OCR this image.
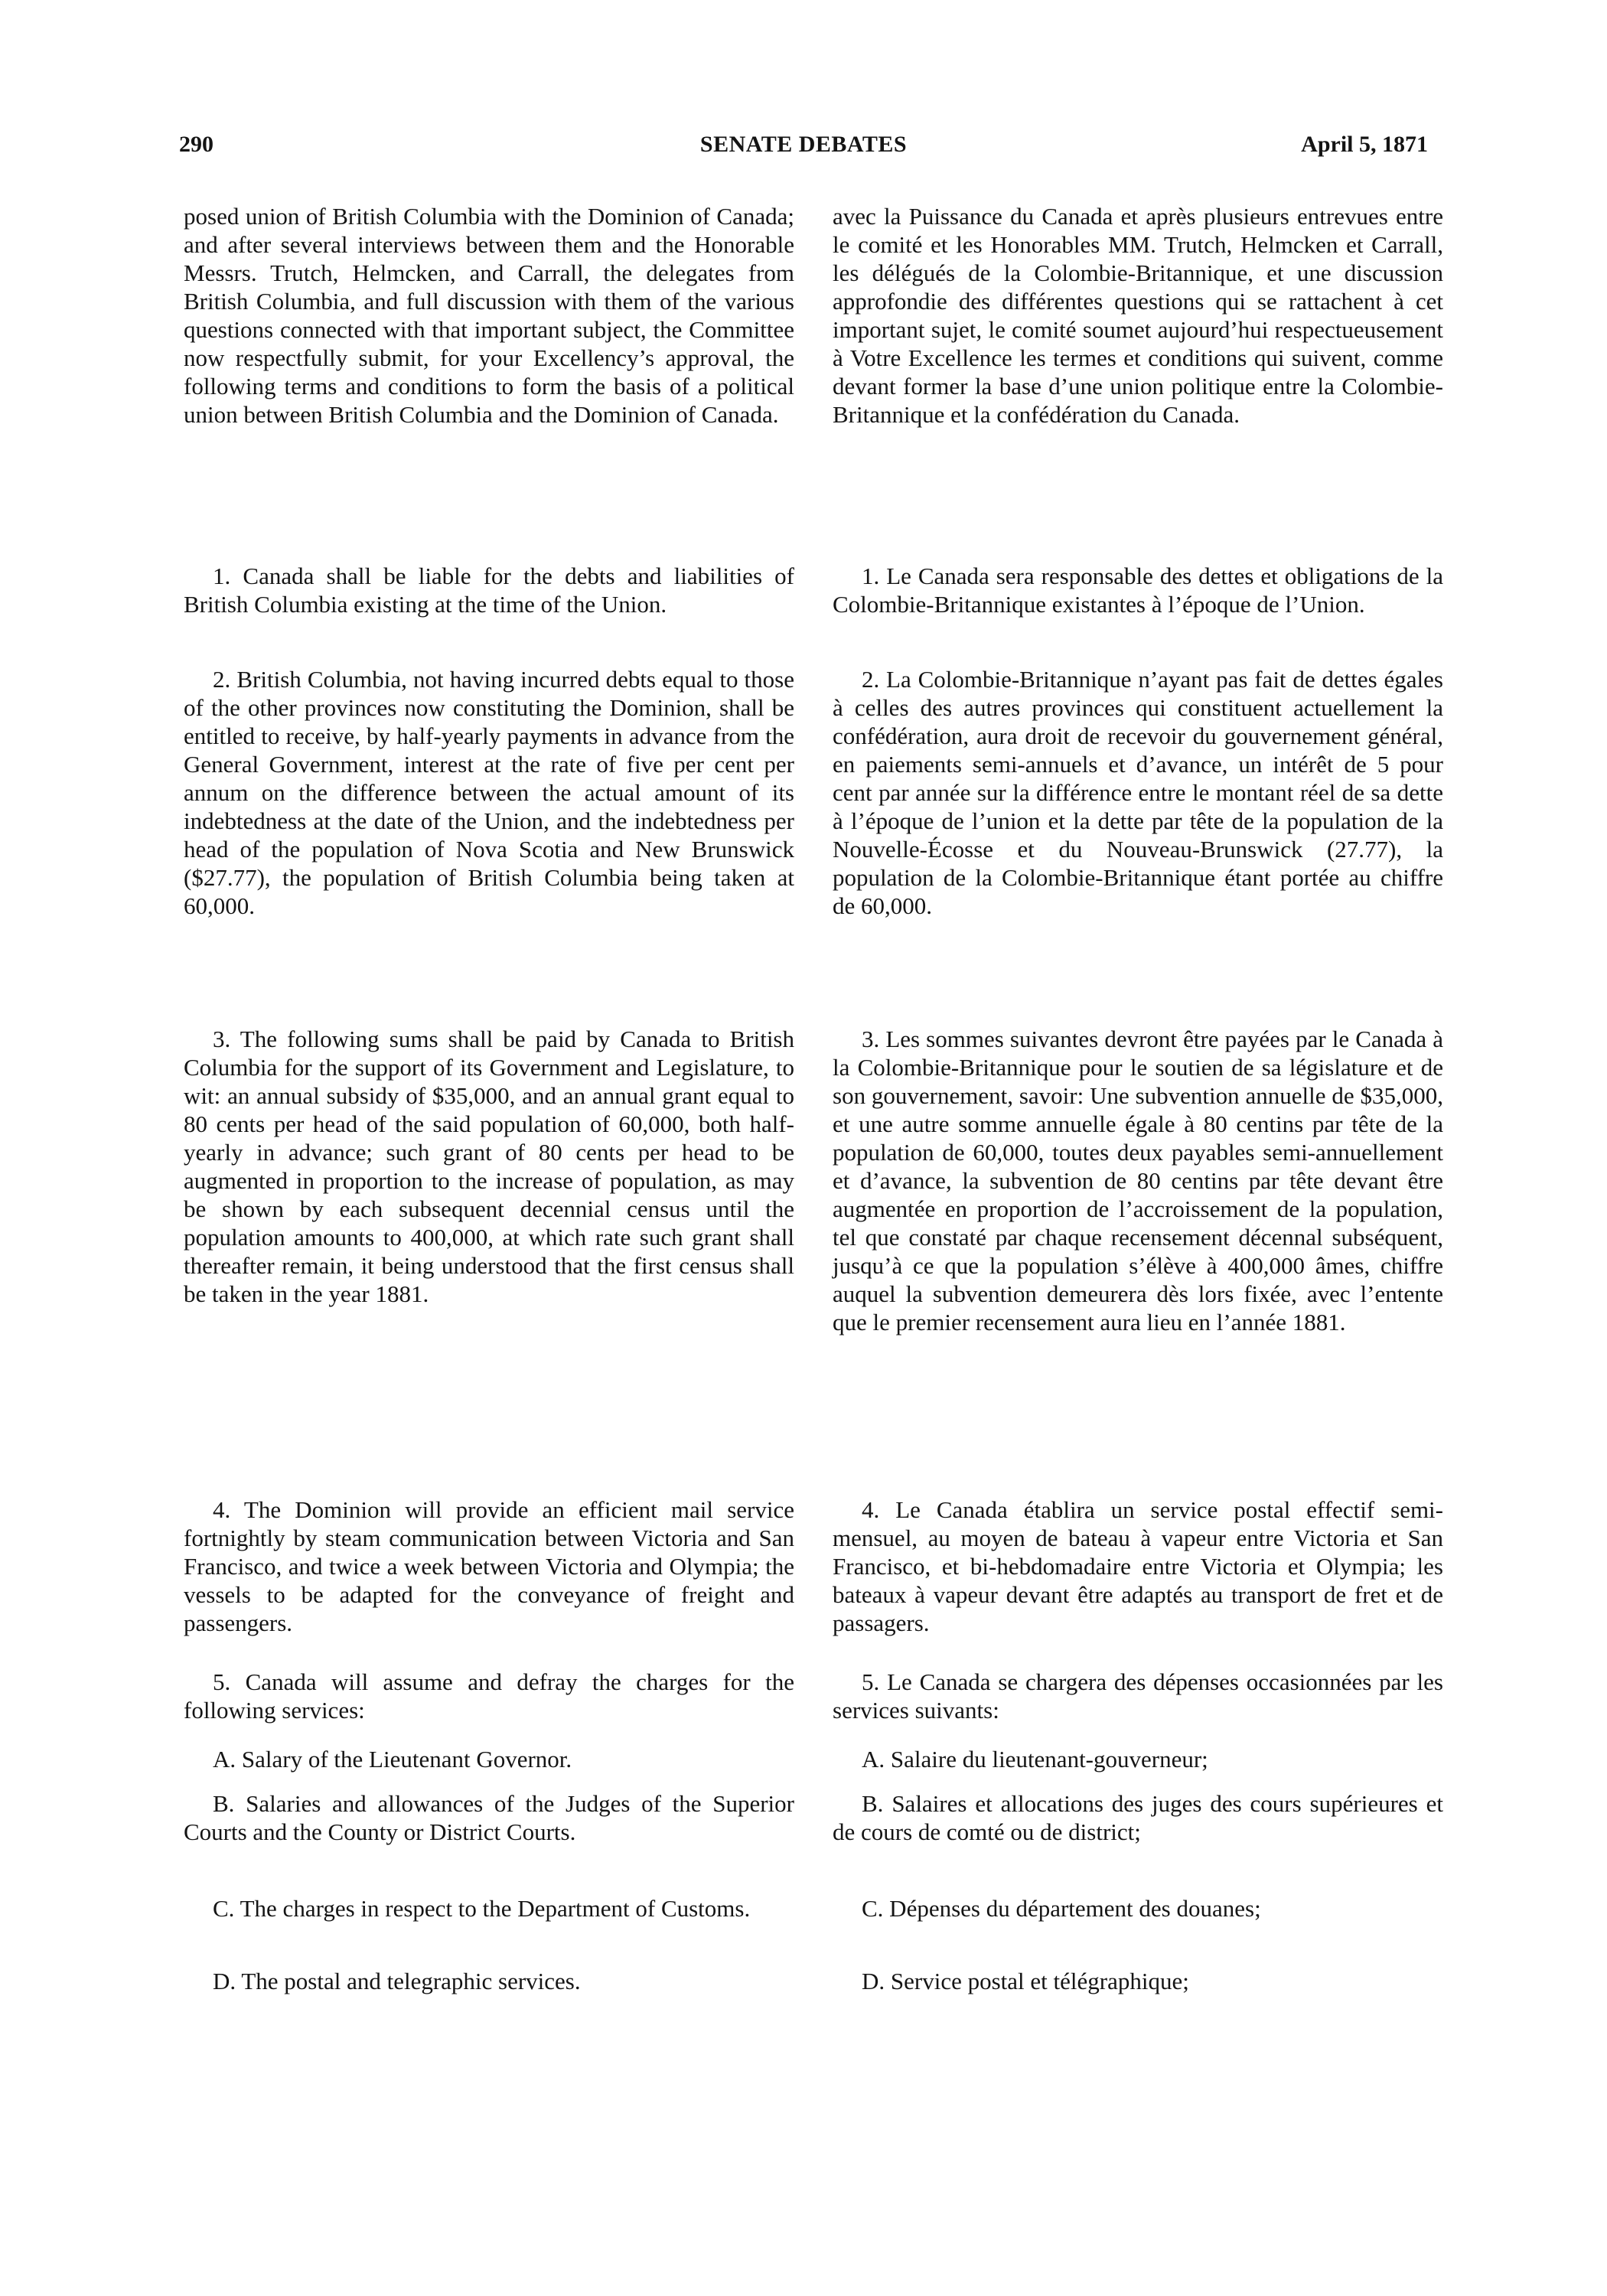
290	SENATE DEBATES	April 5, 1871

posed union of British Columbia with the Dominion of Canada; and after several interviews between them and the Honorable Messrs. Trutch, Helmcken, and Carrall, the delegates from British Columbia, and full discussion with them of the various questions connected with that important subject, the Committee now respectfully submit, for your Excellency’s approval, the following terms and conditions to form the basis of a political union between British Columbia and the Dominion of Canada.

1. Canada shall be liable for the debts and liabilities of British Columbia existing at the time of the Union.

2. British Columbia, not having incurred debts equal to those of the other provinces now constituting the Dominion, shall be entitled to receive, by half-yearly payments in advance from the General Government, interest at the rate of five per cent per annum on the difference between the actual amount of its indebtedness at the date of the Union, and the indebtedness per head of the population of Nova Scotia and New Brunswick ($27.77), the population of British Columbia being taken at 60,000.

3. The following sums shall be paid by Canada to British Columbia for the support of its Government and Legislature, to wit: an annual subsidy of $35,000, and an annual grant equal to 80 cents per head of the said population of 60,000, both half-yearly in advance; such grant of 80 cents per head to be augmented in proportion to the increase of population, as may be shown by each subsequent decennial census until the population amounts to 400,000, at which rate such grant shall thereafter remain, it being understood that the first census shall be taken in the year 1881.

4. The Dominion will provide an efficient mail service fortnightly by steam communication between Victoria and San Francisco, and twice a week between Victoria and Olympia; the vessels to be adapted for the conveyance of freight and passengers.

5. Canada will assume and defray the charges for the following services:

A. Salary of the Lieutenant Governor.

B. Salaries and allowances of the Judges of the Superior Courts and the County or District Courts.

C. The charges in respect to the Department of Customs.

D. The postal and telegraphic services.

avec la Puissance du Canada et après plusieurs entrevues entre le comité et les Honorables MM. Trutch, Helmcken et Carrall, les délégués de la Colombie-Britannique, et une discussion approfondie des différentes questions qui se rattachent à cet important sujet, le comité soumet aujourd’hui respectueusement à Votre Excellence les termes et conditions qui suivent, comme devant former la base d’une union politique entre la Colombie-Britannique et la confédération du Canada.

1. Le Canada sera responsable des dettes et obligations de la Colombie-Britannique existantes à l’époque de l’Union.

2. La Colombie-Britannique n’ayant pas fait de dettes égales à celles des autres provinces qui constituent actuellement la confédération, aura droit de recevoir du gouvernement général, en paiements semi-annuels et d’avance, un intérêt de 5 pour cent par année sur la différence entre le montant réel de sa dette à l’époque de l’union et la dette par tête de la population de la Nouvelle-Écosse et du Nouveau-Brunswick (27.77), la population de la Colombie-Britannique étant portée au chiffre de 60,000.

3. Les sommes suivantes devront être payées par le Canada à la Colombie-Britannique pour le soutien de sa législature et de son gouvernement, savoir: Une subvention annuelle de $35,000, et une autre somme annuelle égale à 80 centins par tête de la population de 60,000, toutes deux payables semi-annuellement et d’avance, la subvention de 80 centins par tête devant être augmentée en proportion de l’accroissement de la population, tel que constaté par chaque recensement décennal subséquent, jusqu’à ce que la population s’élève à 400,000 âmes, chiffre auquel la subvention demeurera dès lors fixée, avec l’entente que le premier recensement aura lieu en l’année 1881.

4. Le Canada établira un service postal effectif semi-mensuel, au moyen de bateau à vapeur entre Victoria et San Francisco, et bi-hebdomadaire entre Victoria et Olympia; les bateaux à vapeur devant être adaptés au transport de fret et de passagers.

5. Le Canada se chargera des dépenses occasionnées par les services suivants:

A. Salaire du lieutenant-gouverneur;

B. Salaires et allocations des juges des cours supérieures et de cours de comté ou de district;

C. Dépenses du département des douanes;

D. Service postal et télégraphique;
